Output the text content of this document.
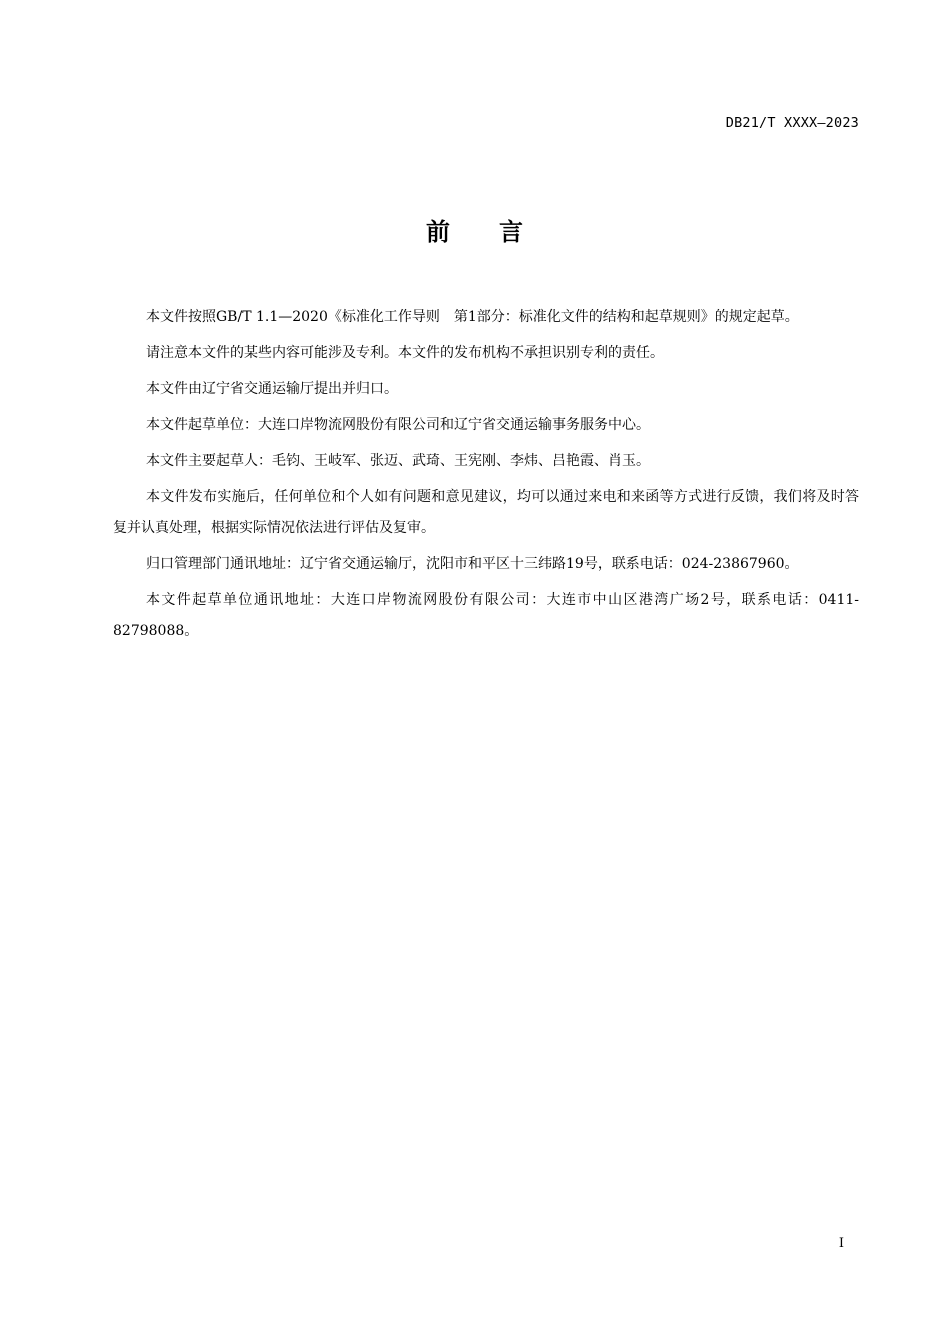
DB21/T XXXX—2023
前 言

本文件按照GB/T 1.1—2020《标准化工作导则　第1部分：标准化文件的结构和起草规则》的规定起草。

请注意本文件的某些内容可能涉及专利。本文件的发布机构不承担识别专利的责任。

本文件由辽宁省交通运输厅提出并归口。

本文件起草单位：大连口岸物流网股份有限公司和辽宁省交通运输事务服务中心。

本文件主要起草人：毛钧、王岐军、张迈、武琦、王宪刚、李炜、吕艳霞、肖玉。

本文件发布实施后，任何单位和个人如有问题和意见建议，均可以通过来电和来函等方式进行反馈，我们将及时答复并认真处理，根据实际情况依法进行评估及复审。

归口管理部门通讯地址：辽宁省交通运输厅，沈阳市和平区十三纬路19号，联系电话：024-23867960。

本文件起草单位通讯地址：大连口岸物流网股份有限公司：大连市中山区港湾广场2号，联系电话：0411-82798088。

I
